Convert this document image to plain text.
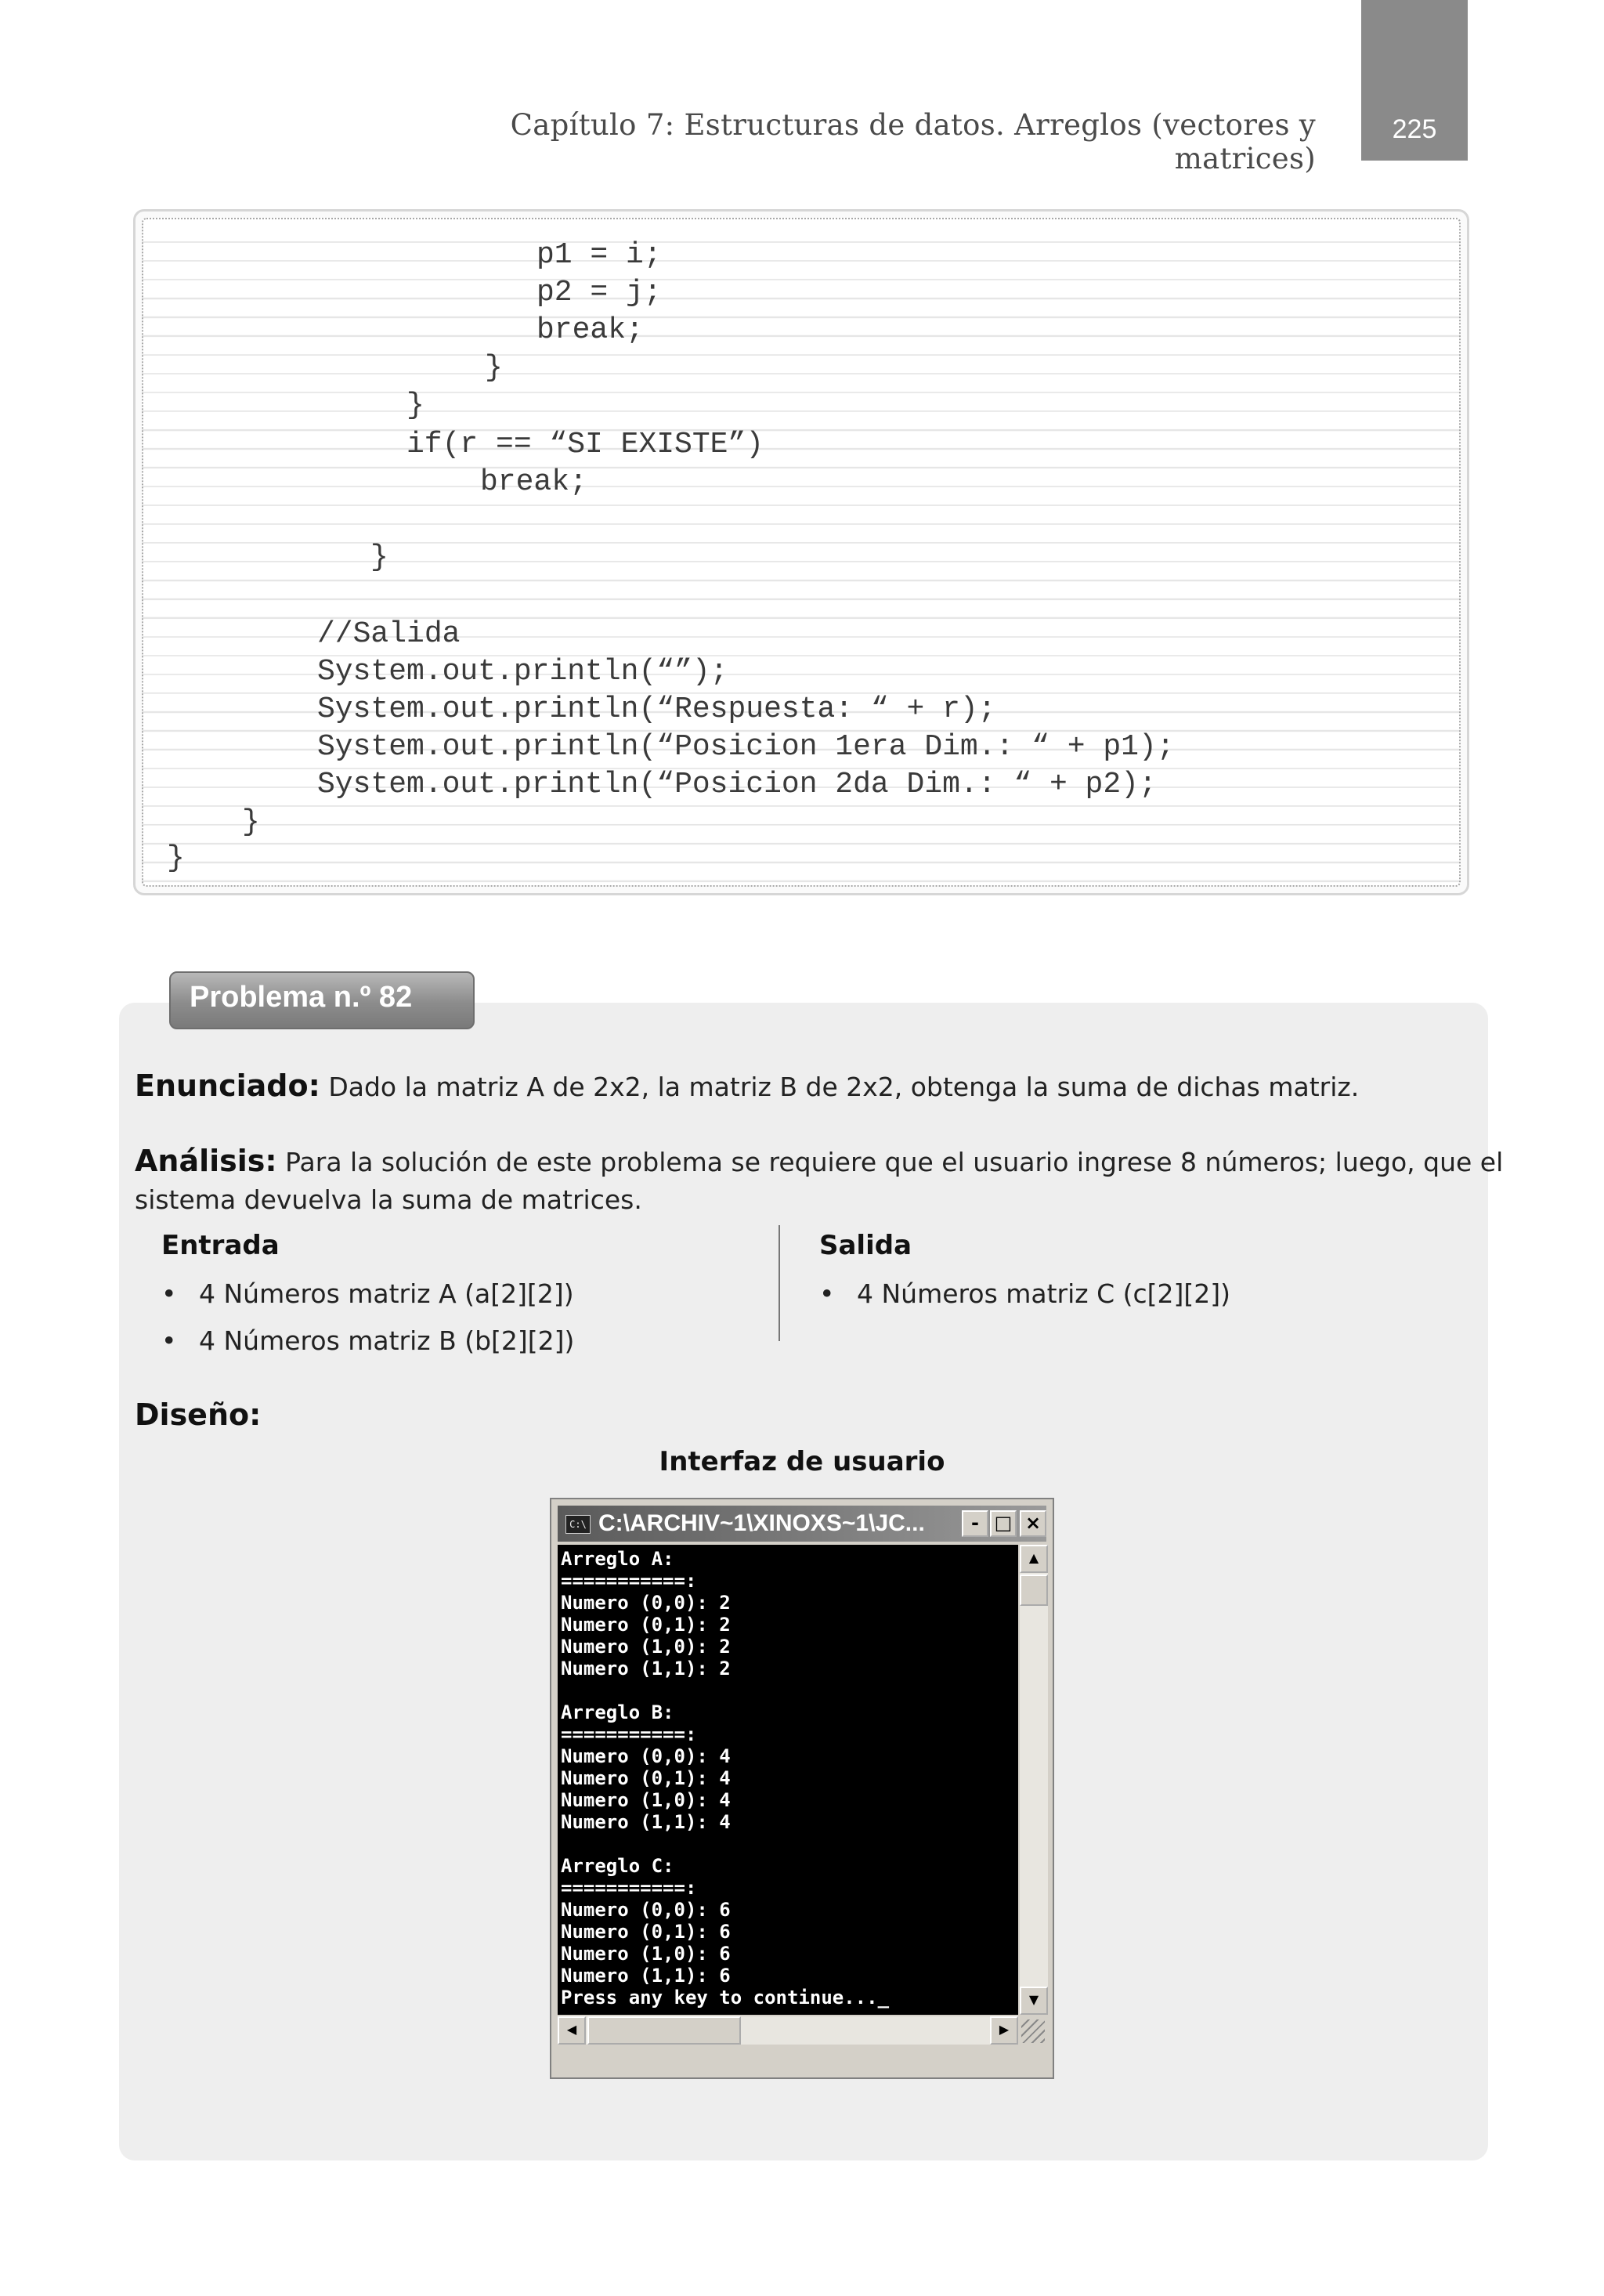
Capítulo 7: Estructuras de datos. Arreglos (vectores y matrices)
225
p1 = i;
p2 = j;
break;
}
}
if(r == “SI EXISTE”)
break;
}
//Salida
System.out.println(“”);
System.out.println(“Respuesta: “ + r);
System.out.println(“Posicion 1era Dim.: “ + p1);
System.out.println(“Posicion 2da Dim.: “ + p2);
}
}
Problema n.º 82
Enunciado: Dado la matriz A de 2x2, la matriz B de 2x2, obtenga la suma de dichas matriz.
Análisis: Para la solución de este problema se requiere que el usuario ingrese 8 números; luego, que el
sistema devuelva la suma de matrices.
Entrada
• 4 Números matriz A (a[2][2])
• 4 Números matriz B (b[2][2])
Salida
• 4 Números matriz C (c[2][2])
Diseño:
Interfaz de usuario
C:\ C:\ARCHIV~1\XINOXS~1\JC...	- □ ×
Arreglo A:
===========:
Numero (0,0): 2
Numero (0,1): 2
Numero (1,0): 2
Numero (1,1): 2

Arreglo B:
===========:
Numero (0,0): 4
Numero (0,1): 4
Numero (1,0): 4
Numero (1,1): 4

Arreglo C:
===========:
Numero (0,0): 6
Numero (0,1): 6
Numero (1,0): 6
Numero (1,1): 6
Press any key to continue..._
▲
▼
◀	▶
